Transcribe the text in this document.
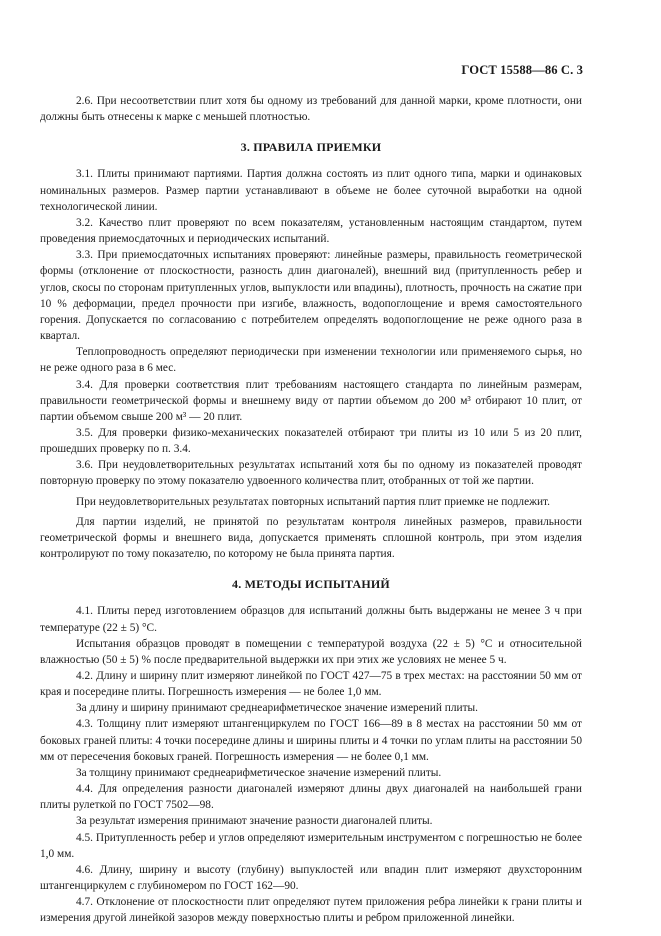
ГОСТ 15588—86 С. 3

2.6. При несоответствии плит хотя бы одному из требований для данной марки, кроме плотности, они должны быть отнесены к марке с меньшей плотностью.

3. ПРАВИЛА ПРИЕМКИ

3.1. Плиты принимают партиями. Партия должна состоять из плит одного типа, марки и одинаковых номинальных размеров. Размер партии устанавливают в объеме не более суточной выработки на одной технологической линии.

3.2. Качество плит проверяют по всем показателям, установленным настоящим стандартом, путем проведения приемосдаточных и периодических испытаний.

3.3. При приемосдаточных испытаниях проверяют: линейные размеры, правильность геометрической формы (отклонение от плоскостности, разность длин диагоналей), внешний вид (притупленность ребер и углов, скосы по сторонам притупленных углов, выпуклости или впадины), плотность, прочность на сжатие при 10 % деформации, предел прочности при изгибе, влажность, водопоглощение и время самостоятельного горения. Допускается по согласованию с потребителем определять водопоглощение не реже одного раза в квартал.

Теплопроводность определяют периодически при изменении технологии или применяемого сырья, но не реже одного раза в 6 мес.

3.4. Для проверки соответствия плит требованиям настоящего стандарта по линейным размерам, правильности геометрической формы и внешнему виду от партии объемом до 200 м³ отбирают 10 плит, от партии объемом свыше 200 м³ — 20 плит.

3.5. Для проверки физико-механических показателей отбирают три плиты из 10 или 5 из 20 плит, прошедших проверку по п. 3.4.

3.6. При неудовлетворительных результатах испытаний хотя бы по одному из показателей проводят повторную проверку по этому показателю удвоенного количества плит, отобранных от той же партии.

При неудовлетворительных результатах повторных испытаний партия плит приемке не подлежит.

Для партии изделий, не принятой по результатам контроля линейных размеров, правильности геометрической формы и внешнего вида, допускается применять сплошной контроль, при этом изделия контролируют по тому показателю, по которому не была принята партия.

4. МЕТОДЫ ИСПЫТАНИЙ

4.1. Плиты перед изготовлением образцов для испытаний должны быть выдержаны не менее 3 ч при температуре (22 ± 5) °С.

Испытания образцов проводят в помещении с температурой воздуха (22 ± 5) °С и относительной влажностью (50 ± 5) % после предварительной выдержки их при этих же условиях не менее 5 ч.

4.2. Длину и ширину плит измеряют линейкой по ГОСТ 427—75 в трех местах: на расстоянии 50 мм от края и посередине плиты. Погрешность измерения — не более 1,0 мм.

За длину и ширину принимают среднеарифметическое значение измерений плиты.

4.3. Толщину плит измеряют штангенциркулем по ГОСТ 166—89 в 8 местах на расстоянии 50 мм от боковых граней плиты: 4 точки посередине длины и ширины плиты и 4 точки по углам плиты на расстоянии 50 мм от пересечения боковых граней. Погрешность измерения — не более 0,1 мм.

За толщину принимают среднеарифметическое значение измерений плиты.

4.4. Для определения разности диагоналей измеряют длины двух диагоналей на наибольшей грани плиты рулеткой по ГОСТ 7502—98.

За результат измерения принимают значение разности диагоналей плиты.

4.5. Притупленность ребер и углов определяют измерительным инструментом с погрешностью не более 1,0 мм.

4.6. Длину, ширину и высоту (глубину) выпуклостей или впадин плит измеряют двухсторонним штангенциркулем с глубиномером по ГОСТ 162—90.

4.7. Отклонение от плоскостности плит определяют путем приложения ребра линейки к грани плиты и измерения другой линейкой зазоров между поверхностью плиты и ребром приложенной линейки.
